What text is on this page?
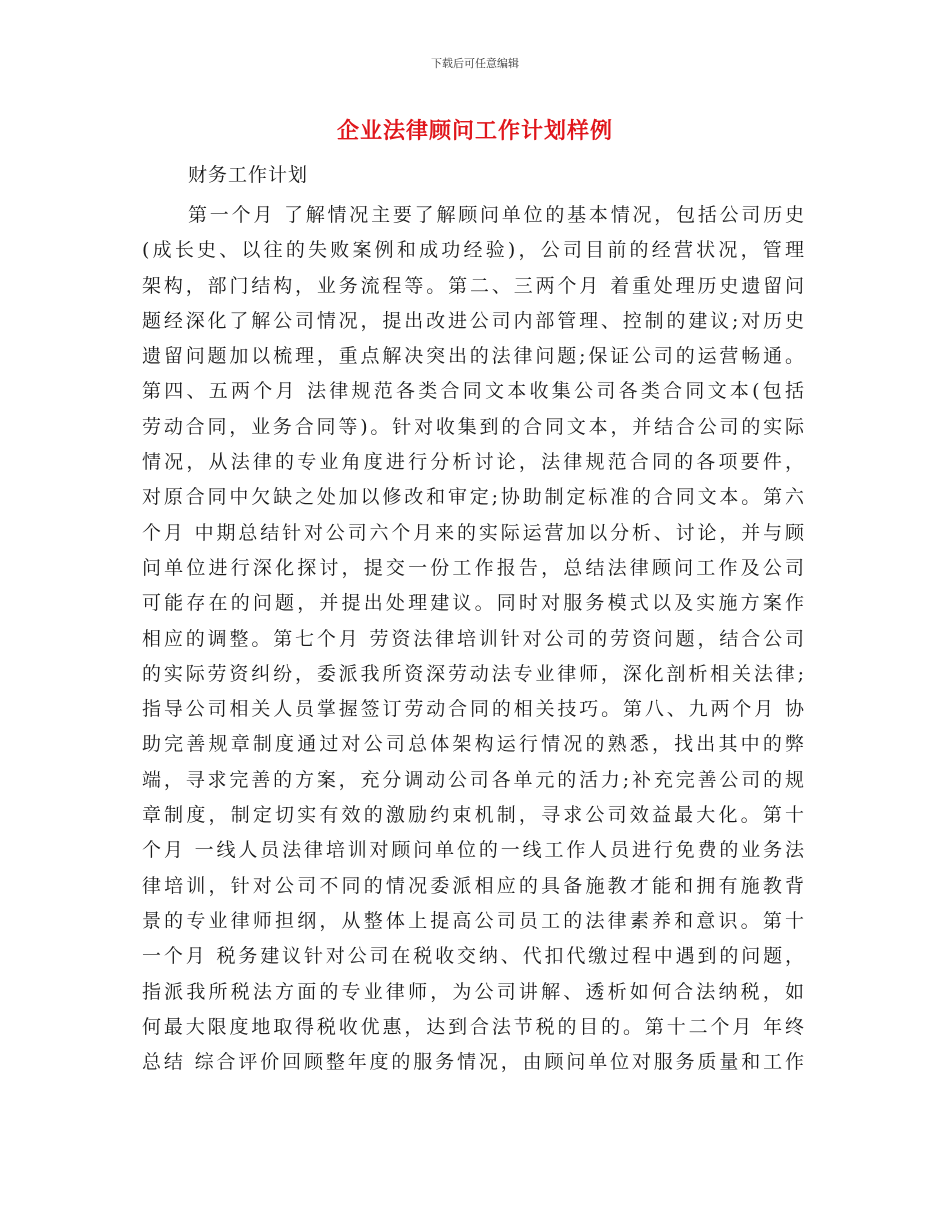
下载后可任意编辑
企业法律顾问工作计划样例
财务工作计划
第一个月 了解情况主要了解顾问单位的基本情况，包括公司历史
(成长史、以往的失败案例和成功经验)，公司目前的经营状况，管理
架构，部门结构，业务流程等。第二、三两个月 着重处理历史遗留问
题经深化了解公司情况，提出改进公司内部管理、控制的建议;对历史
遗留问题加以梳理，重点解决突出的法律问题;保证公司的运营畅通。
第四、五两个月 法律规范各类合同文本收集公司各类合同文本(包括
劳动合同，业务合同等)。针对收集到的合同文本，并结合公司的实际
情况，从法律的专业角度进行分析讨论，法律规范合同的各项要件，
对原合同中欠缺之处加以修改和审定;协助制定标准的合同文本。第六
个月 中期总结针对公司六个月来的实际运营加以分析、讨论，并与顾
问单位进行深化探讨，提交一份工作报告，总结法律顾问工作及公司
可能存在的问题，并提出处理建议。同时对服务模式以及实施方案作
相应的调整。第七个月 劳资法律培训针对公司的劳资问题，结合公司
的实际劳资纠纷，委派我所资深劳动法专业律师，深化剖析相关法律;
指导公司相关人员掌握签订劳动合同的相关技巧。第八、九两个月 协
助完善规章制度通过对公司总体架构运行情况的熟悉，找出其中的弊
端，寻求完善的方案，充分调动公司各单元的活力;补充完善公司的规
章制度，制定切实有效的激励约束机制，寻求公司效益最大化。第十
个月 一线人员法律培训对顾问单位的一线工作人员进行免费的业务法
律培训，针对公司不同的情况委派相应的具备施教才能和拥有施教背
景的专业律师担纲，从整体上提高公司员工的法律素养和意识。第十
一个月 税务建议针对公司在税收交纳、代扣代缴过程中遇到的问题，
指派我所税法方面的专业律师，为公司讲解、透析如何合法纳税，如
何最大限度地取得税收优惠，达到合法节税的目的。第十二个月 年终
总结 综合评价回顾整年度的服务情况，由顾问单位对服务质量和工作
